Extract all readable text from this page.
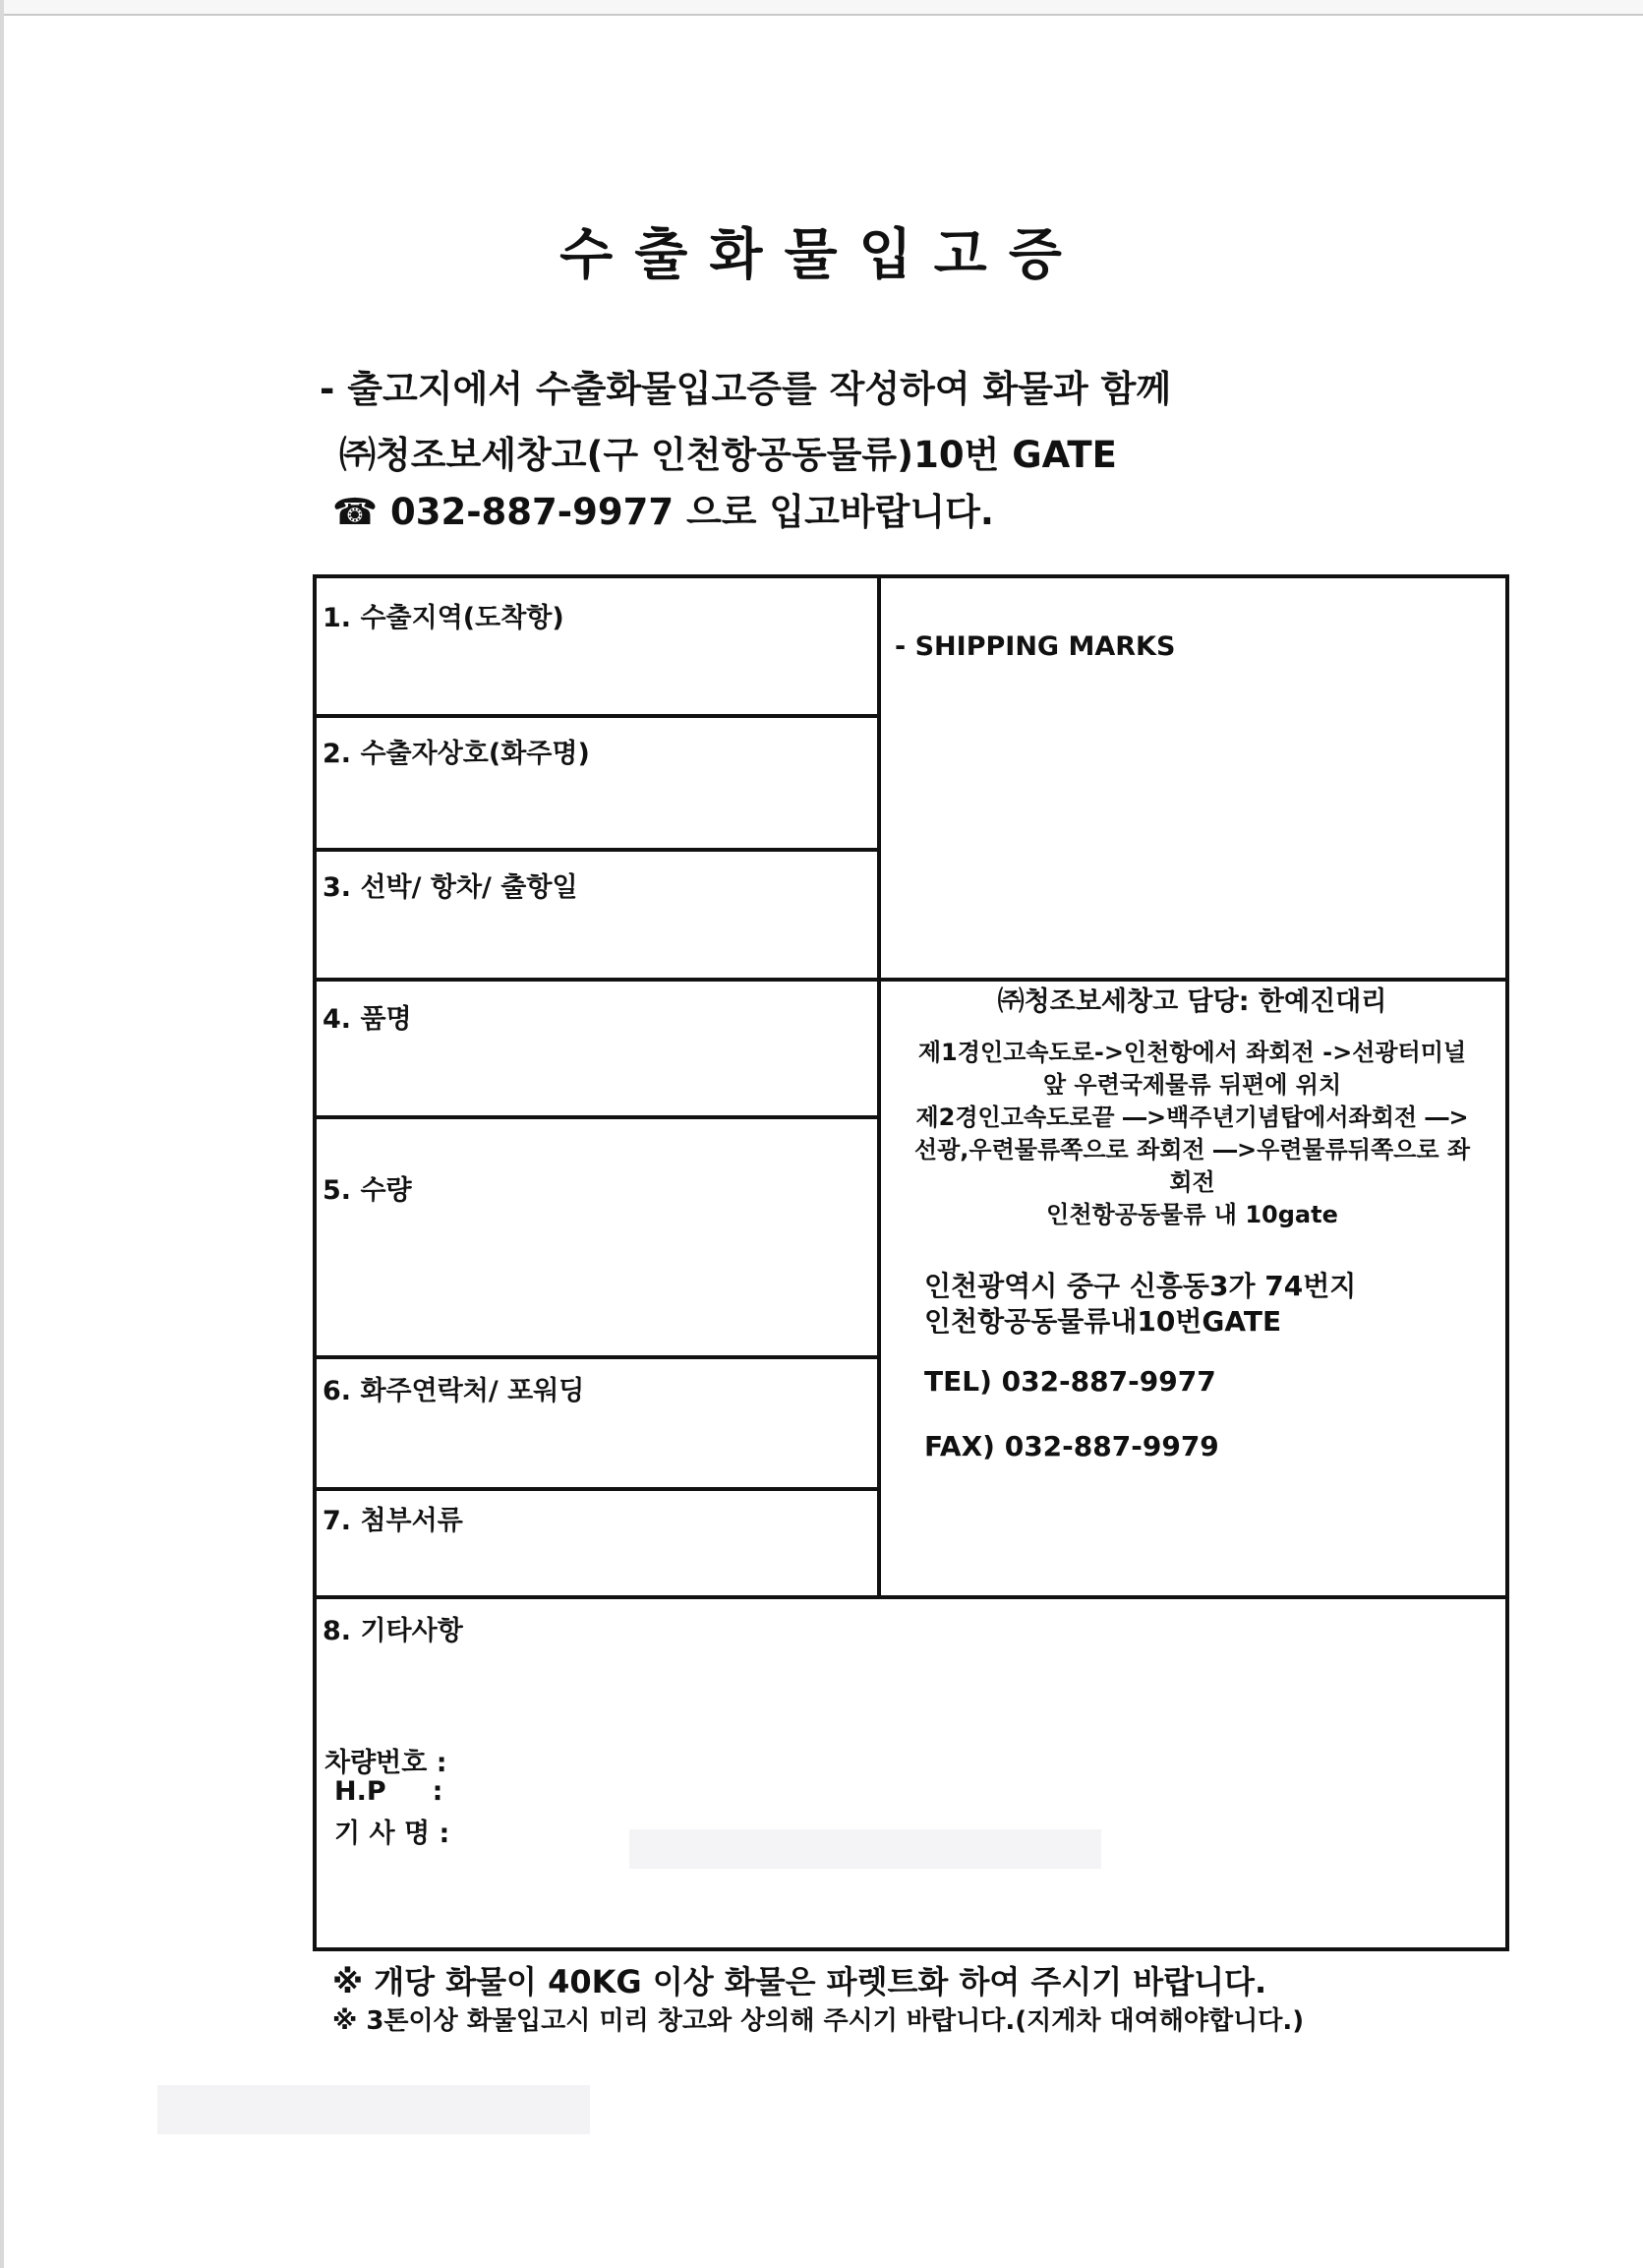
수출화물입고증
- 출고지에서 수출화물입고증를 작성하여 화물과 함께
㈜청조보세창고(구 인천항공동물류)10번 GATE
☎ 032-887-9977 으로 입고바랍니다.
1. 수출지역(도착항)
2. 수출자상호(화주명)
3. 선박/ 항차/ 출항일
4. 품명
5. 수량
6. 화주연락처/ 포워딩
7. 첨부서류
8. 기타사항
- SHIPPING MARKS
㈜청조보세창고 담당: 한예진대리
제1경인고속도로->인천항에서 좌회전 ->선광터미널
앞 우련국제물류 뒤편에 위치
제2경인고속도로끝 ―>백주년기념탑에서좌회전 ―>
선광,우련물류쪽으로 좌회전 ―>우련물류뒤쪽으로 좌
회전
인천항공동물류 내 10gate
인천광역시 중구 신흥동3가 74번지
인천항공동물류내10번GATE
TEL) 032-887-9977
FAX) 032-887-9979
차량번호 :
H.P     :
기 사 명 :
※ 개당 화물이 40KG 이상 화물은 파렛트화 하여 주시기 바랍니다.
※ 3톤이상 화물입고시 미리 창고와 상의해 주시기 바랍니다.(지게차 대여해야합니다.)
